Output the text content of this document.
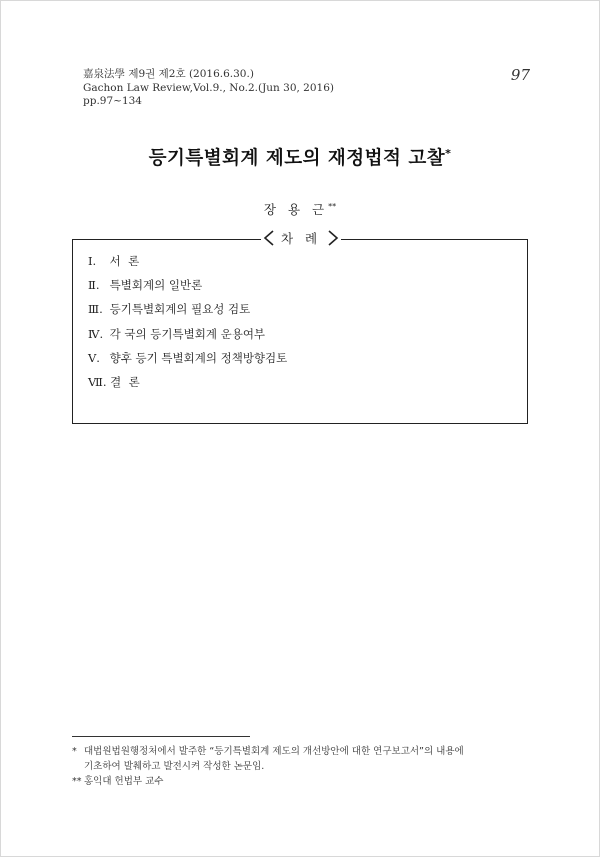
嘉泉法學 제9권 제2호 (2016.6.30.)
Gachon Law Review,Vol.9., No.2.(Jun 30, 2016)
pp.97~134
97
등기특별회계 제도의 재정법적 고찰*
장 용 근**
차 례
Ⅰ. 서  론
Ⅱ. 특별회계의 일반론
Ⅲ. 등기특별회계의 필요성 검토
Ⅳ. 각 국의 등기특별회계 운용여부
Ⅴ. 향후 등기 특별회계의 정책방향검토
Ⅶ. 결  론

* 대법원법원행정처에서 발주한 “등기특별회계 제도의 개선방안에 대한 연구보고서”의 내용에

기초하여 발췌하고 발전시켜 작성한 논문임.

** 홍익대 헌법부 교수
